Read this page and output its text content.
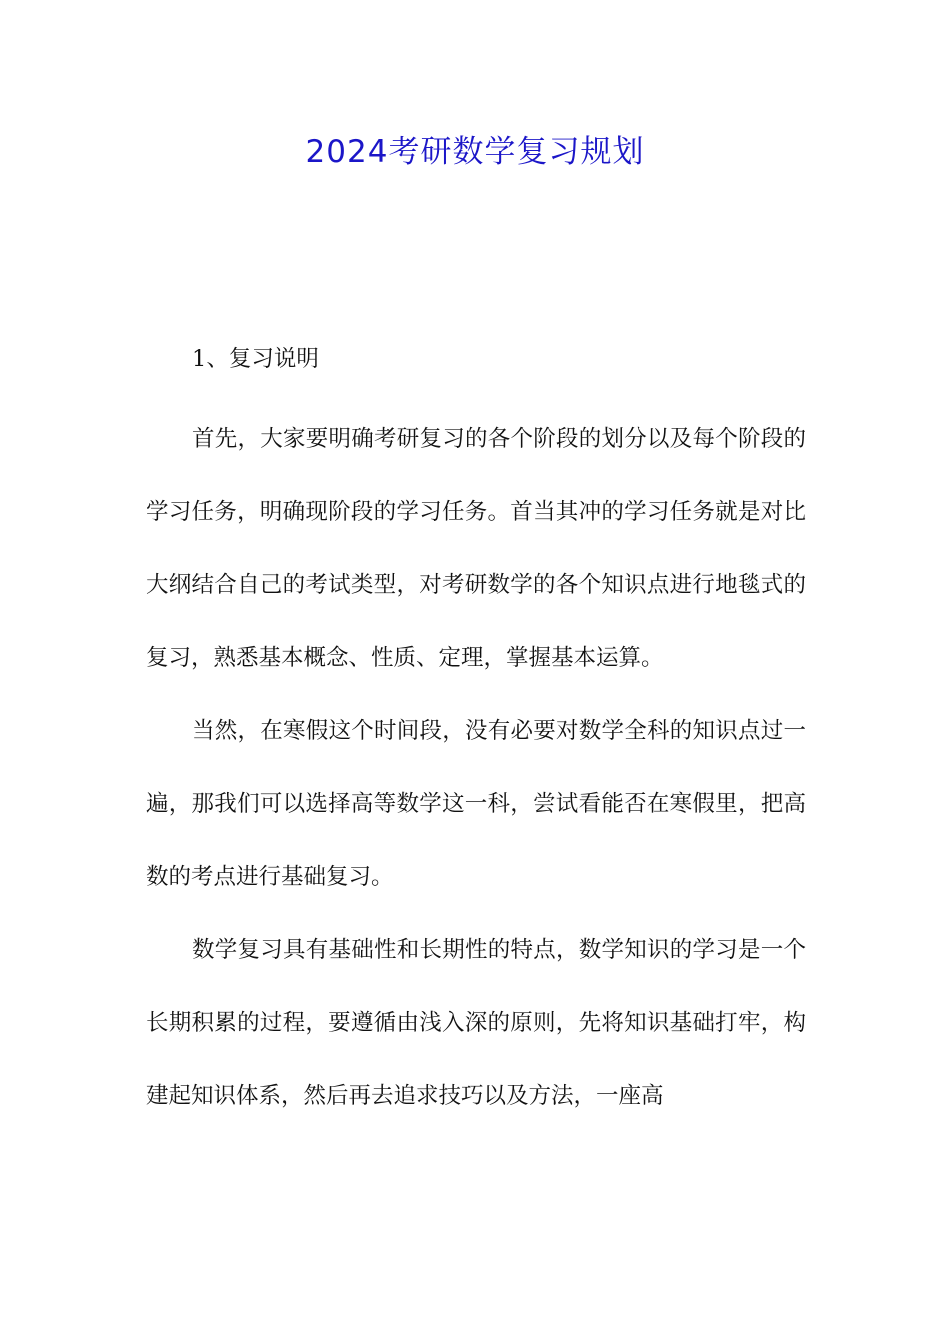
2024考研数学复习规划
1、复习说明

首先，大家要明确考研复习的各个阶段的划分以及每个阶段的学习任务，明确现阶段的学习任务。首当其冲的学习任务就是对比大纲结合自己的考试类型，对考研数学的各个知识点进行地毯式的复习，熟悉基本概念、性质、定理，掌握基本运算。

当然，在寒假这个时间段，没有必要对数学全科的知识点过一遍，那我们可以选择高等数学这一科，尝试看能否在寒假里，把高数的考点进行基础复习。

数学复习具有基础性和长期性的特点，数学知识的学习是一个长期积累的过程，要遵循由浅入深的原则，先将知识基础打牢，构建起知识体系，然后再去追求技巧以及方法，一座高
